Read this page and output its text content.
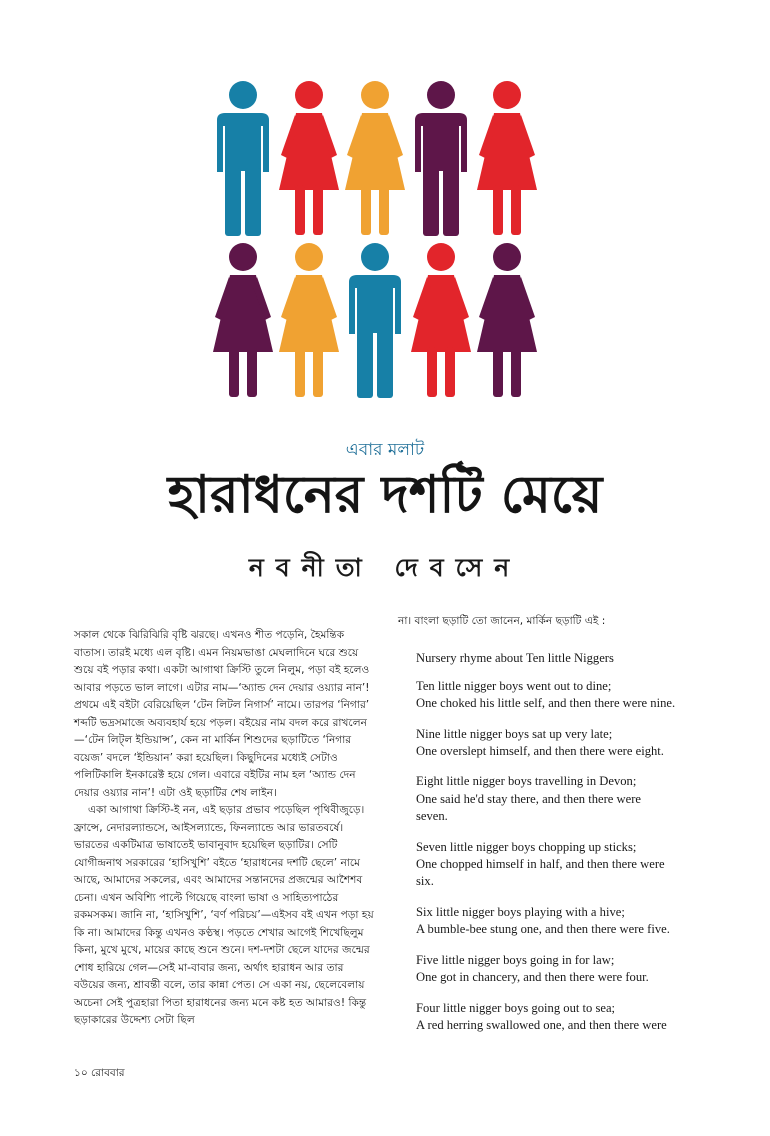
এবার মলাট
হারাধনের দশটি মেয়ে
নবনীতা দেবসেন

সকাল থেকে ঝিরিঝিরি বৃষ্টি ঝরছে। এখনও শীত পড়েনি, হৈমন্তিক বাতাস। তারই মধ্যে এল বৃষ্টি। এমন নিয়মভাঙা মেঘলাদিনে ঘরে শুয়ে শুয়ে বই পড়ার কথা। একটা আগাথা ক্রিস্টি তুলে নিলুম, পড়া বই হলেও আবার পড়তে ভাল লাগে। এটার নাম—‘অ্যান্ড দেন দেয়ার ওয়্যার নান’! প্রথমে এই বইটা বেরিয়েছিল ‘টেন লিটল নিগার্স’ নামে। তারপর ‘নিগার’ শব্দটি ভদ্রসমাজে অব্যবহার্য হয়ে পড়ল। বইয়ের নাম বদল করে রাখলেন—‘টেন লিট্‌ল ইন্ডিয়ান্স’, কেন না মার্কিন শিশুদের ছড়াটিতে ‘নিগার বয়েজ’ বদলে ‘ইন্ডিয়ান’ করা হয়েছিল। কিছুদিনের মধ্যেই সেটাও পলিটিকালি ইনকারেক্ট হয়ে গেল। এবারে বইটির নাম হল ‘অ্যান্ড দেন দেয়ার ওয়্যার নান’! এটা ওই ছড়াটির শেষ লাইন।

একা আগাথা ক্রিস্টি-ই নন, এই ছড়ার প্রভাব পড়েছিল পৃথিবীজুড়ে। ফ্রান্সে, নেদারল্যান্ডসে, আইসল্যান্ডে, ফিনল্যান্ডে আর ভারতবর্ষে। ভারতের একটিমাত্র ভাষাতেই ভাবানুবাদ হয়েছিল ছড়াটির। সেটি যোগীন্দ্রনাথ সরকারের ‘হাসিখুশি’ বইতে ‘হারাধনের দশটি ছেলে’ নামে আছে, আমাদের সকলের, এবং আমাদের সন্তানদের প্রজন্মের আশৈশব চেনা। এখন অবিশ্যি পাল্টে গিয়েছে বাংলা ভাষা ও সাহিত্যপাঠের রকমসকম। জানি না, ‘হাসিখুশি’, ‘বর্ণ পরিচয়’—এইসব বই এখন পড়া হয় কি না। আমাদের কিন্তু এখনও কণ্ঠস্থ। পড়তে শেখার আগেই শিখেছিলুম কিনা, মুখে মুখে, মায়ের কাছে শুনে শুনে। দশ-দশটা ছেলে যাদের জন্মের শোধ হারিয়ে গেল—সেই মা-বাবার জন্য, অর্থাৎ হারাধন আর তার বউয়ের জন্য, শ্রাবন্তী বলে, তার কান্না পেত। সে একা নয়, ছেলেবেলায় অচেনা সেই পুত্রহারা পিতা হারাধনের জন্য মনে কষ্ট হত আমারও! কিন্তু ছড়াকারের উদ্দেশ্য সেটা ছিল

না। বাংলা ছড়াটি তো জানেন, মার্কিন ছড়াটি এই :

Nursery rhyme about Ten little Niggers
Ten little nigger boys went out to dine;
One choked his little self, and then there were nine.
Nine little nigger boys sat up very late;
One overslept himself, and then there were eight.
Eight little nigger boys travelling in Devon;
One said he'd stay there, and then there were
seven.
Seven little nigger boys chopping up sticks;
One chopped himself in half, and then there were
six.
Six little nigger boys playing with a hive;
A bumble-bee stung one, and then there were five.
Five little nigger boys going in for law;
One got in chancery, and then there were four.
Four little nigger boys going out to sea;
A red herring swallowed one, and then there were
১০ রোববার
